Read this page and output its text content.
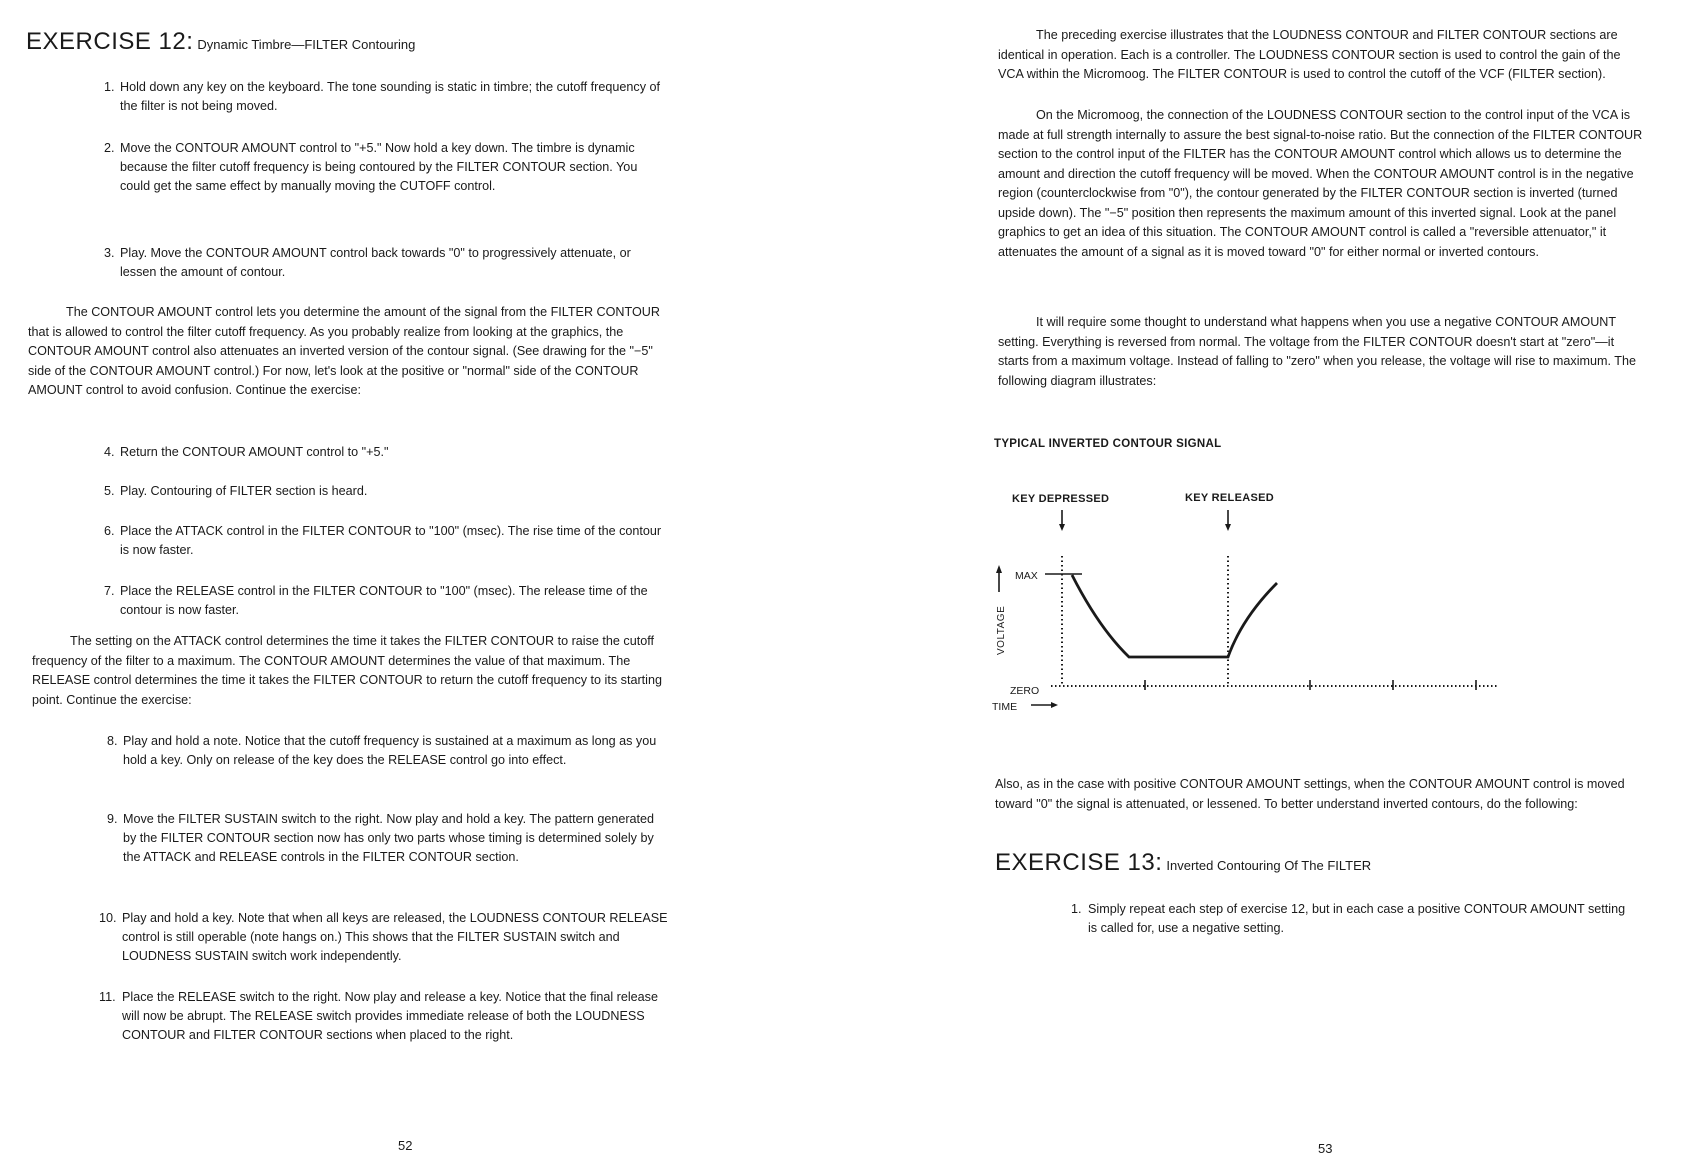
EXERCISE 12: Dynamic Timbre—FILTER Contouring
1. Hold down any key on the keyboard. The tone sounding is static in timbre; the cutoff frequency of the filter is not being moved.
2. Move the CONTOUR AMOUNT control to "+5." Now hold a key down. The timbre is dynamic because the filter cutoff frequency is being contoured by the FILTER CONTOUR section. You could get the same effect by manually moving the CUTOFF control.
3. Play. Move the CONTOUR AMOUNT control back towards "0" to progressively attenuate, or lessen the amount of contour.
The CONTOUR AMOUNT control lets you determine the amount of the signal from the FILTER CONTOUR that is allowed to control the filter cutoff frequency. As you probably realize from looking at the graphics, the CONTOUR AMOUNT control also attenuates an inverted version of the contour signal. (See drawing for the "−5" side of the CONTOUR AMOUNT control.) For now, let's look at the positive or "normal" side of the CONTOUR AMOUNT control to avoid confusion. Continue the exercise:
4. Return the CONTOUR AMOUNT control to "+5."
5. Play. Contouring of FILTER section is heard.
6. Place the ATTACK control in the FILTER CONTOUR to "100" (msec). The rise time of the contour is now faster.
7. Place the RELEASE control in the FILTER CONTOUR to "100" (msec). The release time of the contour is now faster.
The setting on the ATTACK control determines the time it takes the FILTER CONTOUR to raise the cutoff frequency of the filter to a maximum. The CONTOUR AMOUNT determines the value of that maximum. The RELEASE control determines the time it takes the FILTER CONTOUR to return the cutoff frequency to its starting point. Continue the exercise:
8. Play and hold a note. Notice that the cutoff frequency is sustained at a maximum as long as you hold a key. Only on release of the key does the RELEASE control go into effect.
9. Move the FILTER SUSTAIN switch to the right. Now play and hold a key. The pattern generated by the FILTER CONTOUR section now has only two parts whose timing is determined solely by the ATTACK and RELEASE controls in the FILTER CONTOUR section.
10. Play and hold a key. Note that when all keys are released, the LOUDNESS CONTOUR RELEASE control is still operable (note hangs on.) This shows that the FILTER SUSTAIN switch and LOUDNESS SUSTAIN switch work independently.
11. Place the RELEASE switch to the right. Now play and release a key. Notice that the final release will now be abrupt. The RELEASE switch provides immediate release of both the LOUDNESS CONTOUR and FILTER CONTOUR sections when placed to the right.
52
The preceding exercise illustrates that the LOUDNESS CONTOUR and FILTER CONTOUR sections are identical in operation. Each is a controller. The LOUDNESS CONTOUR section is used to control the gain of the VCA within the Micromoog. The FILTER CONTOUR is used to control the cutoff of the VCF (FILTER section).
On the Micromoog, the connection of the LOUDNESS CONTOUR section to the control input of the VCA is made at full strength internally to assure the best signal-to-noise ratio. But the connection of the FILTER CONTOUR section to the control input of the FILTER has the CONTOUR AMOUNT control which allows us to determine the amount and direction the cutoff frequency will be moved. When the CONTOUR AMOUNT control is in the negative region (counterclockwise from "0"), the contour generated by the FILTER CONTOUR section is inverted (turned upside down). The "−5" position then represents the maximum amount of this inverted signal. Look at the panel graphics to get an idea of this situation. The CONTOUR AMOUNT control is called a "reversible attenuator," it attenuates the amount of a signal as it is moved toward "0" for either normal or inverted contours.
It will require some thought to understand what happens when you use a negative CONTOUR AMOUNT setting. Everything is reversed from normal. The voltage from the FILTER CONTOUR doesn't start at "zero"—it starts from a maximum voltage. Instead of falling to "zero" when you release, the voltage will rise to maximum. The following diagram illustrates:
TYPICAL INVERTED CONTOUR SIGNAL
KEY DEPRESSED	KEY RELEASED
MAX
ZERO
TIME
VOLTAGE
Also, as in the case with positive CONTOUR AMOUNT settings, when the CONTOUR AMOUNT control is moved toward "0" the signal is attenuated, or lessened. To better understand inverted contours, do the following:
EXERCISE 13: Inverted Contouring Of The FILTER
1. Simply repeat each step of exercise 12, but in each case a positive CONTOUR AMOUNT setting is called for, use a negative setting.
53
